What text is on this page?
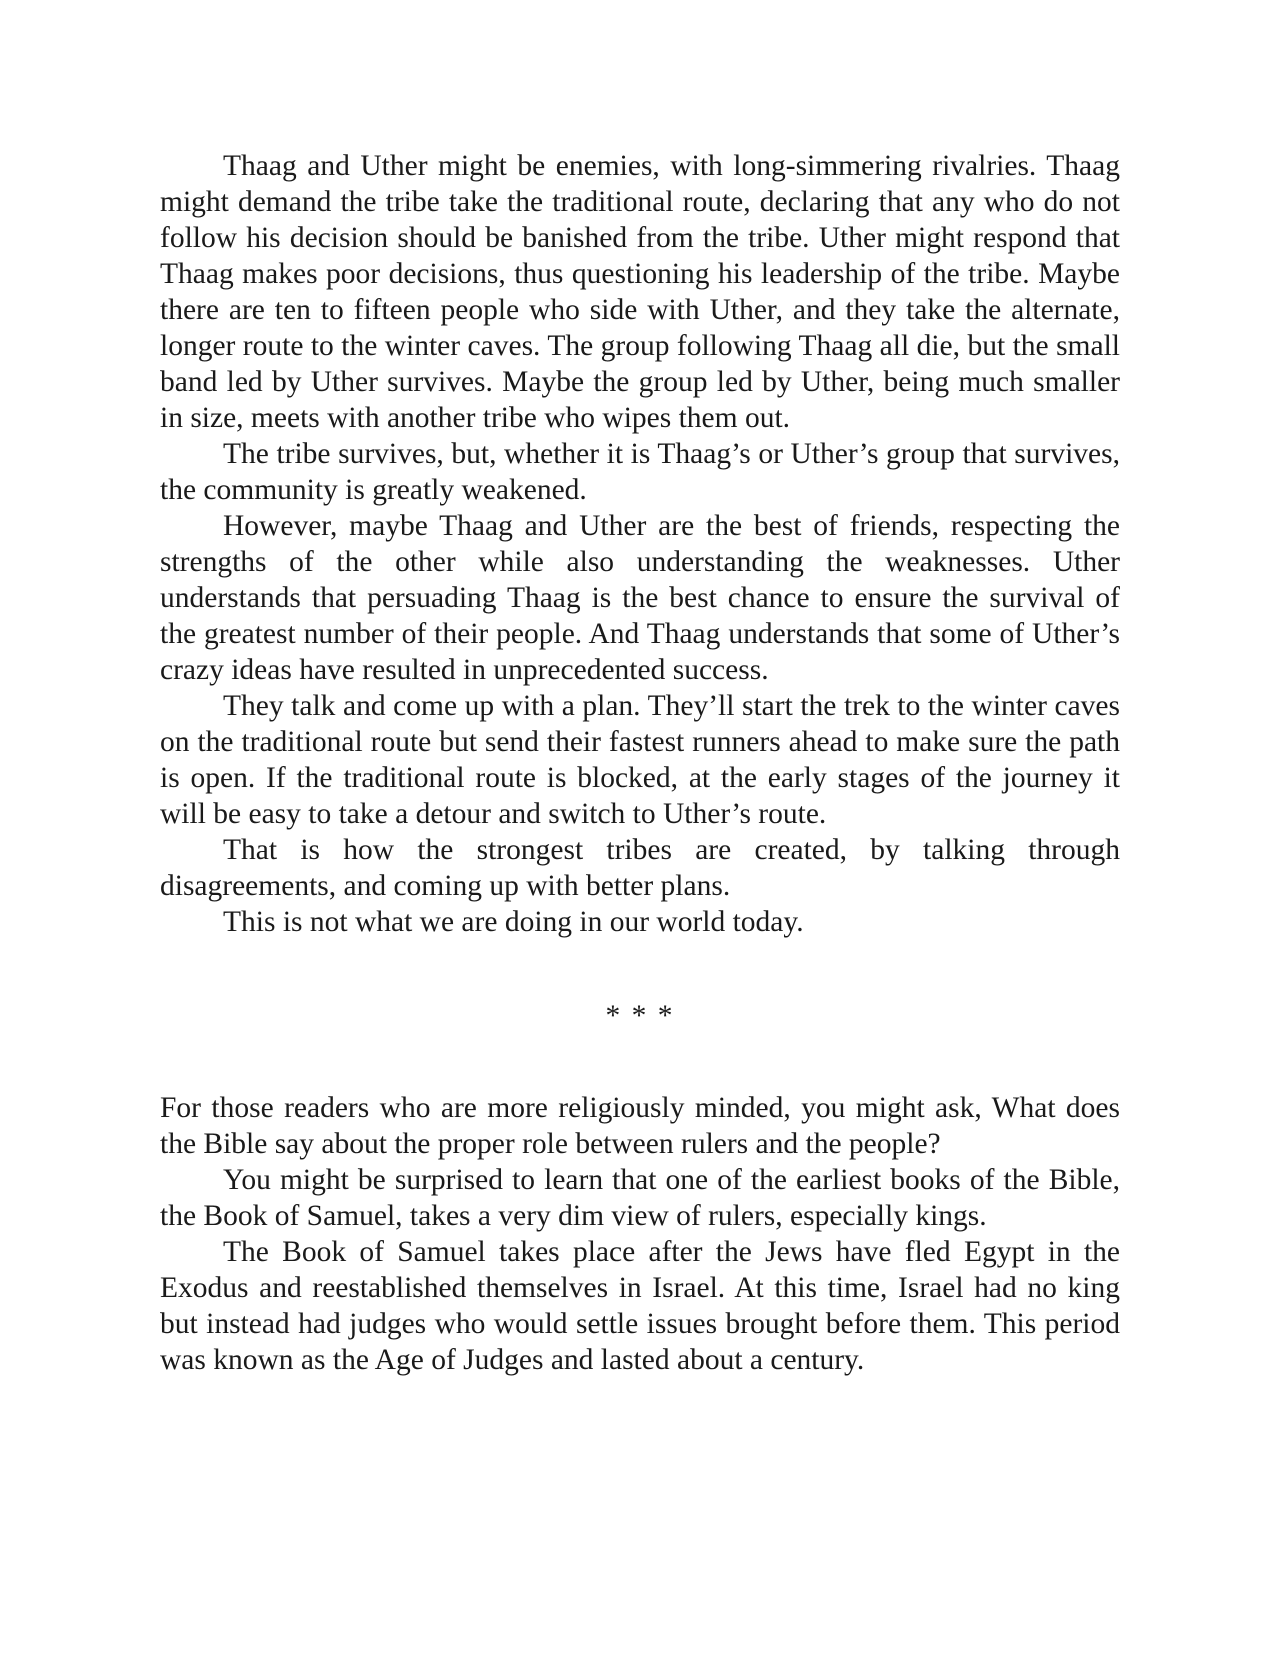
Thaag and Uther might be enemies, with long-simmering rivalries. Thaag might demand the tribe take the traditional route, declaring that any who do not follow his decision should be banished from the tribe. Uther might respond that Thaag makes poor decisions, thus questioning his leadership of the tribe. Maybe there are ten to fifteen people who side with Uther, and they take the alternate, longer route to the winter caves. The group following Thaag all die, but the small band led by Uther survives. Maybe the group led by Uther, being much smaller in size, meets with another tribe who wipes them out.

The tribe survives, but, whether it is Thaag’s or Uther’s group that survives, the community is greatly weakened.

However, maybe Thaag and Uther are the best of friends, respecting the strengths of the other while also understanding the weaknesses. Uther understands that persuading Thaag is the best chance to ensure the survival of the greatest number of their people. And Thaag understands that some of Uther’s crazy ideas have resulted in unprecedented success.

They talk and come up with a plan. They’ll start the trek to the winter caves on the traditional route but send their fastest runners ahead to make sure the path is open. If the traditional route is blocked, at the early stages of the journey it will be easy to take a detour and switch to Uther’s route.

That is how the strongest tribes are created, by talking through disagreements, and coming up with better plans.

This is not what we are doing in our world today.

* * *

For those readers who are more religiously minded, you might ask, What does the Bible say about the proper role between rulers and the people?

You might be surprised to learn that one of the earliest books of the Bible, the Book of Samuel, takes a very dim view of rulers, especially kings.

The Book of Samuel takes place after the Jews have fled Egypt in the Exodus and reestablished themselves in Israel. At this time, Israel had no king but instead had judges who would settle issues brought before them. This period was known as the Age of Judges and lasted about a century.
